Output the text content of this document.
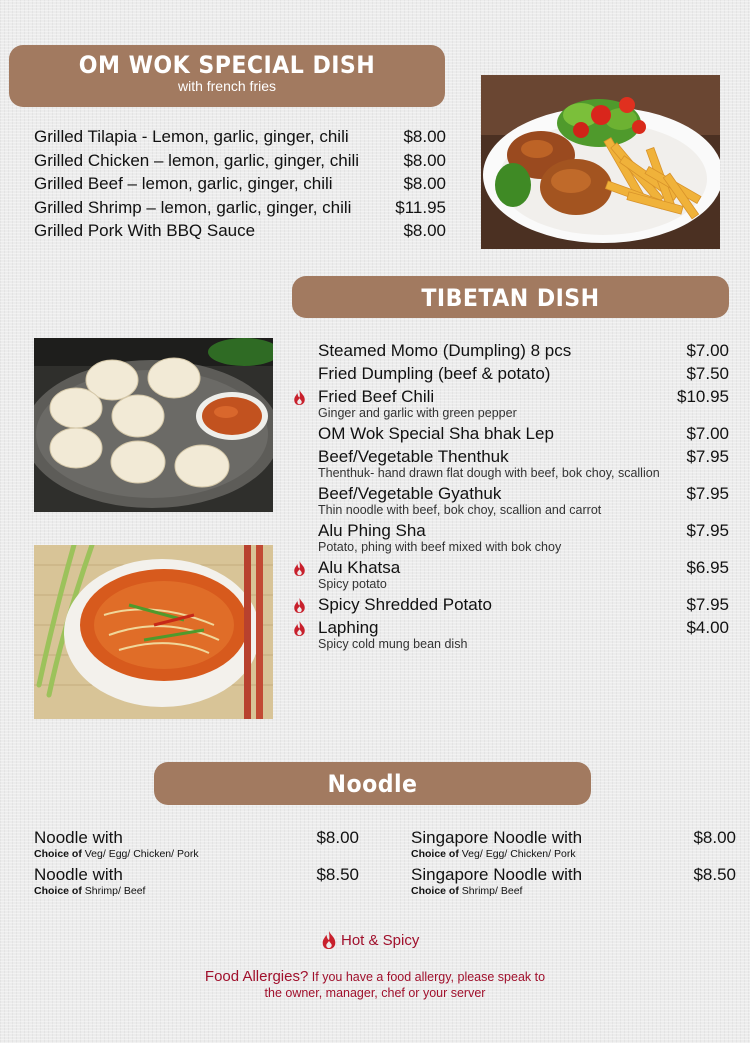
OM WOK SPECIAL DISH
with french fries
Grilled Tilapia - Lemon, garlic, ginger, chili	$8.00
Grilled Chicken – lemon, garlic, ginger, chili	$8.00
Grilled Beef – lemon, garlic, ginger, chili	$8.00
Grilled Shrimp – lemon, garlic, ginger, chili	$11.95
Grilled Pork With BBQ Sauce	$8.00
TIBETAN DISH
Steamed Momo (Dumpling) 8 pcs	$7.00
Fried Dumpling (beef & potato)	$7.50
Fried Beef Chili	$10.95
Ginger and garlic with green pepper
OM Wok Special Sha bhak Lep	$7.00
Beef/Vegetable Thenthuk	$7.95
Thenthuk- hand drawn flat dough with beef, bok choy, scallion
Beef/Vegetable Gyathuk	$7.95
Thin noodle with beef, bok choy, scallion and carrot
Alu Phing Sha	$7.95
Potato, phing with beef mixed with bok choy
Alu Khatsa	$6.95
Spicy potato
Spicy Shredded Potato	$7.95
Laphing	$4.00
Spicy cold mung bean dish
Noodle
Noodle with	$8.00
Choice of Veg/ Egg/ Chicken/ Pork
Noodle with	$8.50
Choice of Shrimp/ Beef
Singapore Noodle with	$8.00
Choice of Veg/ Egg/ Chicken/ Pork
Singapore Noodle with	$8.50
Choice of Shrimp/ Beef
Hot & Spicy
Food Allergies? If you have a food allergy, please speak to
the owner, manager, chef or your server
